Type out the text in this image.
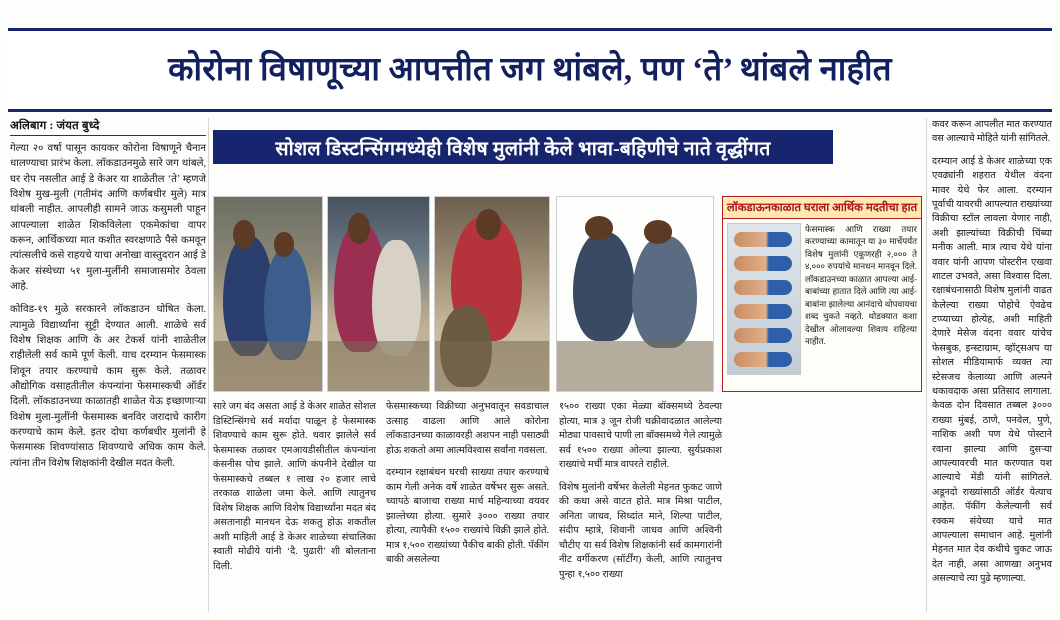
कोरोना विषाणूच्या आपत्तीत जग थांबले, पण ‘ते’ थांबले नाहीत
अलिबाग : जंयत बुध्दे

गेल्या २० वर्षा पासून कायकर कोरोना विषाणूने चैनान धालण्याचा प्रारंभ केला. लॉकडाउनमुळे सारे जग थांबले, घर रोप नसलीत आई डे केअर या शाळेतील ‘ते’ म्हणजे विशेष मुख-मुली (गतीमंद आणि कर्णबधीर मुले) मात्र थांबली नाहीत. आपलीही सामने जाऊ कसुमली पाहून आपल्याला शाळेत शिकविलेला एकमेकांचा वापर करून, आर्थिकच्या मात कशीत स्वरक्षणाठे पैसे कमवून त्यांत्सलीचे कसे राहयचे याचा अनोखा वास्तुदरान आई डे केअर संस्थेच्या ५१ मुला-मुलींनी समाजासमोर ठेवला आहे.

कोविड-१९ मुळे सरकारने लॉकडाउन घोषित केला. त्यामुळे विद्यार्थ्यांना सुट्टी देण्यात आली. शाळेचे सर्व विशेष शिक्षक आणि के अर टेकर्स यांनी शाळेतील राहीलेली सर्व कामे पूर्ण केली. याच दरम्यान फेसमास्क शिवून तयार करण्याचे काम सुरू केले. तळावर औद्योगिक वसाहतीतील कंपन्यांना फेसमास्कची ऑर्डर दिली. लॉकडाउनच्या काळातही शाळेत येऊ इच्छाणाऱ्या विशेष मुला-मुलींनी फेसमास्क बनविर जरादाचे कारीग करण्याचे काम केले. इतर दोघा कर्णबधीर मुलांनी हे फेसमास्क शिवण्यांसाठ शिवण्याचे अधिक काम केले. त्यांना तीन विशेष शिक्षकांनी देखील मदत केली.

सोशल डिस्टन्सिंगमध्येही विशेष मुलांनी केले भावा-बहिणीचे नाते वृद्धींगत
लॉकडाऊनकाळात घराला आर्थिक मदतीचा हात
फेसमास्क आणि राख्या तयार करण्याच्या कामातून या ३० मार्चेपर्यंत विशेष मुलांनी एकूणरही २,००० ते ४,००० रुपयांचे मानधन मानवून दिले. लॉकडाउनच्या काळात आपल्या आई-बाबांच्या हातात दिले आणि त्या आई-बाबांना झालेल्या आनंदाचे थोपवायचा शब्द चुकते नव्हते. थोडक्यात कशा देखील ओलावल्या शिवाय राहिल्या नाहीत.

सारे जग बंद असता आई डे केअर शाळेत सोशल डिस्टिन्सिंगचे सर्व मर्यादा पाळून हे फेसमास्क शिवण्याचे काम सुरू होते. थवार झालेले सर्व फेसमास्क तळावर एमआयडीसीतील कंपन्यांना कंसनीस पोच झाले. आणि कंपनीने देखील या फेसमास्कचे तब्बल १ लाख २० हजार लाचे तरकाळ शाळेला जमा केले. आणि त्यातुनच विशेष शिक्षक आणि विशेष विद्यार्थ्यांना मदत बंद असतानाही मानधन देऊ शकतु होऊ शकतील अशी माहिती आई डे केअर शाळेच्या संचालिका स्वाती मोढीये यांनी ‘दै. पुढारी’ शी बोलताना दिली.

फेसमास्कच्या विक्रीच्या अनुभवातून सवडाचाल उत्साह वाढला आणि आले कोरोना लॉकडाउनच्या काळावरही अशपन नाही पसाठ्यी होऊ शकतो अमा आत्मविश्वास सर्वांना गवसला.

दरम्यान रक्षाबंधन घरची साख्या तयार करण्याचे काम गेली अनेक वर्षे शाळेत वर्षेभर सुरू असते. च्यापठे बाजाचा राख्या मार्च महिन्याच्या वयवर झाल्तेच्या होत्या. सुमारे ३००० राख्या तयार होत्या, त्यापैकी १५०० राख्यांचे विक्री झाले होते. मात्र १,५०० राख्यांच्या पैकीच बाकी होती. पॅकींग बाकी असलेल्या

१५०० राख्या एका मेळ्या बॉक्समध्ये ठेवल्या होत्या, मात्र ३ जून रोजी चक्रीवादळात आलेल्या मोठ्या पावसाचे पाणी ला बॉक्समध्ये गेले त्यामुळे सर्व १५०० राख्या ओल्या झाल्या. सुर्यप्रकाश राख्यांचे मर्ची मात्र वापरते राहीले.

विशेष मुलांनी वर्षेभर केलेली मेहनत फुकट जाणे की कधा असे वाटत होते. मात्र मिश्रा पाटील, अनिता जाधव, सिध्दांत माने, शिल्पा पाटील, संदीप म्हात्रे, शिवानी जाधव आणि अश्विनी चौटीए या सर्व विशेष शिक्षकांनी सर्व कामगारांनी नीट वर्गीकरण (सॉर्टींग) केली, आणि त्यातुनच पुन्हा १,५०० राख्या

कवर करून आपलीत मात करण्यात वस आल्याचे मोहिते यांनी सांगितले.

दरम्यान आई डे केअर शाळेच्या एक एवढ्यांनी शहरात येथील वंदना मावर येथे फेर आला. दरम्यान पूर्वाची यावरची आपल्यात राख्यांच्या विक्रीचा स्टॉल लावला येणार नाही, अशी झाल्यांच्या विक्रीची चिंब्या मनीक आली. मात्र त्याच येथे यांना ववार यांनी आपण पोस्टरीन एखवा शाटल उभवते, असा विश्वास दिला. रक्षाबंधनासाठी विशेष मुलांनी वाढत केलेल्या राख्या पोहोचे ऐवढेच टप्प्याच्या होत्येह, अशी माहिती देणारे मेसेज वंदना ववार यांचेच फेसबुक, इन्स्टाग्राम, व्हॉट्सअप या सोशल मीडियामार्फ व्यक्त त्या स्टेसजच केलाव्या आणि अल्पने थकावदाक असा प्रतिसाद लागाला. केवळ दोन दिवसात तब्बल ३००० राख्या मुंबई, ठाणे, पनवेल, पुणे, नाशिक अशी पण येथे पोस्टाने रवाना झाल्या आणि दुसऱ्या आपल्यावरची मात करण्यात यश आल्याचे मेंडी यांनी सांगितले. अडूनदो राख्यांसाठी ऑर्डर येत्याच आहेत. पॅकींग केलेल्यानी सर्व रक्कम संयेच्या याचे मात आपल्याला समाधान आहे. मुलांनी मेहनत मात देव कथीचे चुकट जाऊ देत नाही, असा आणखा अनुभव असल्याचे त्या पुढे म्हणाल्या.
